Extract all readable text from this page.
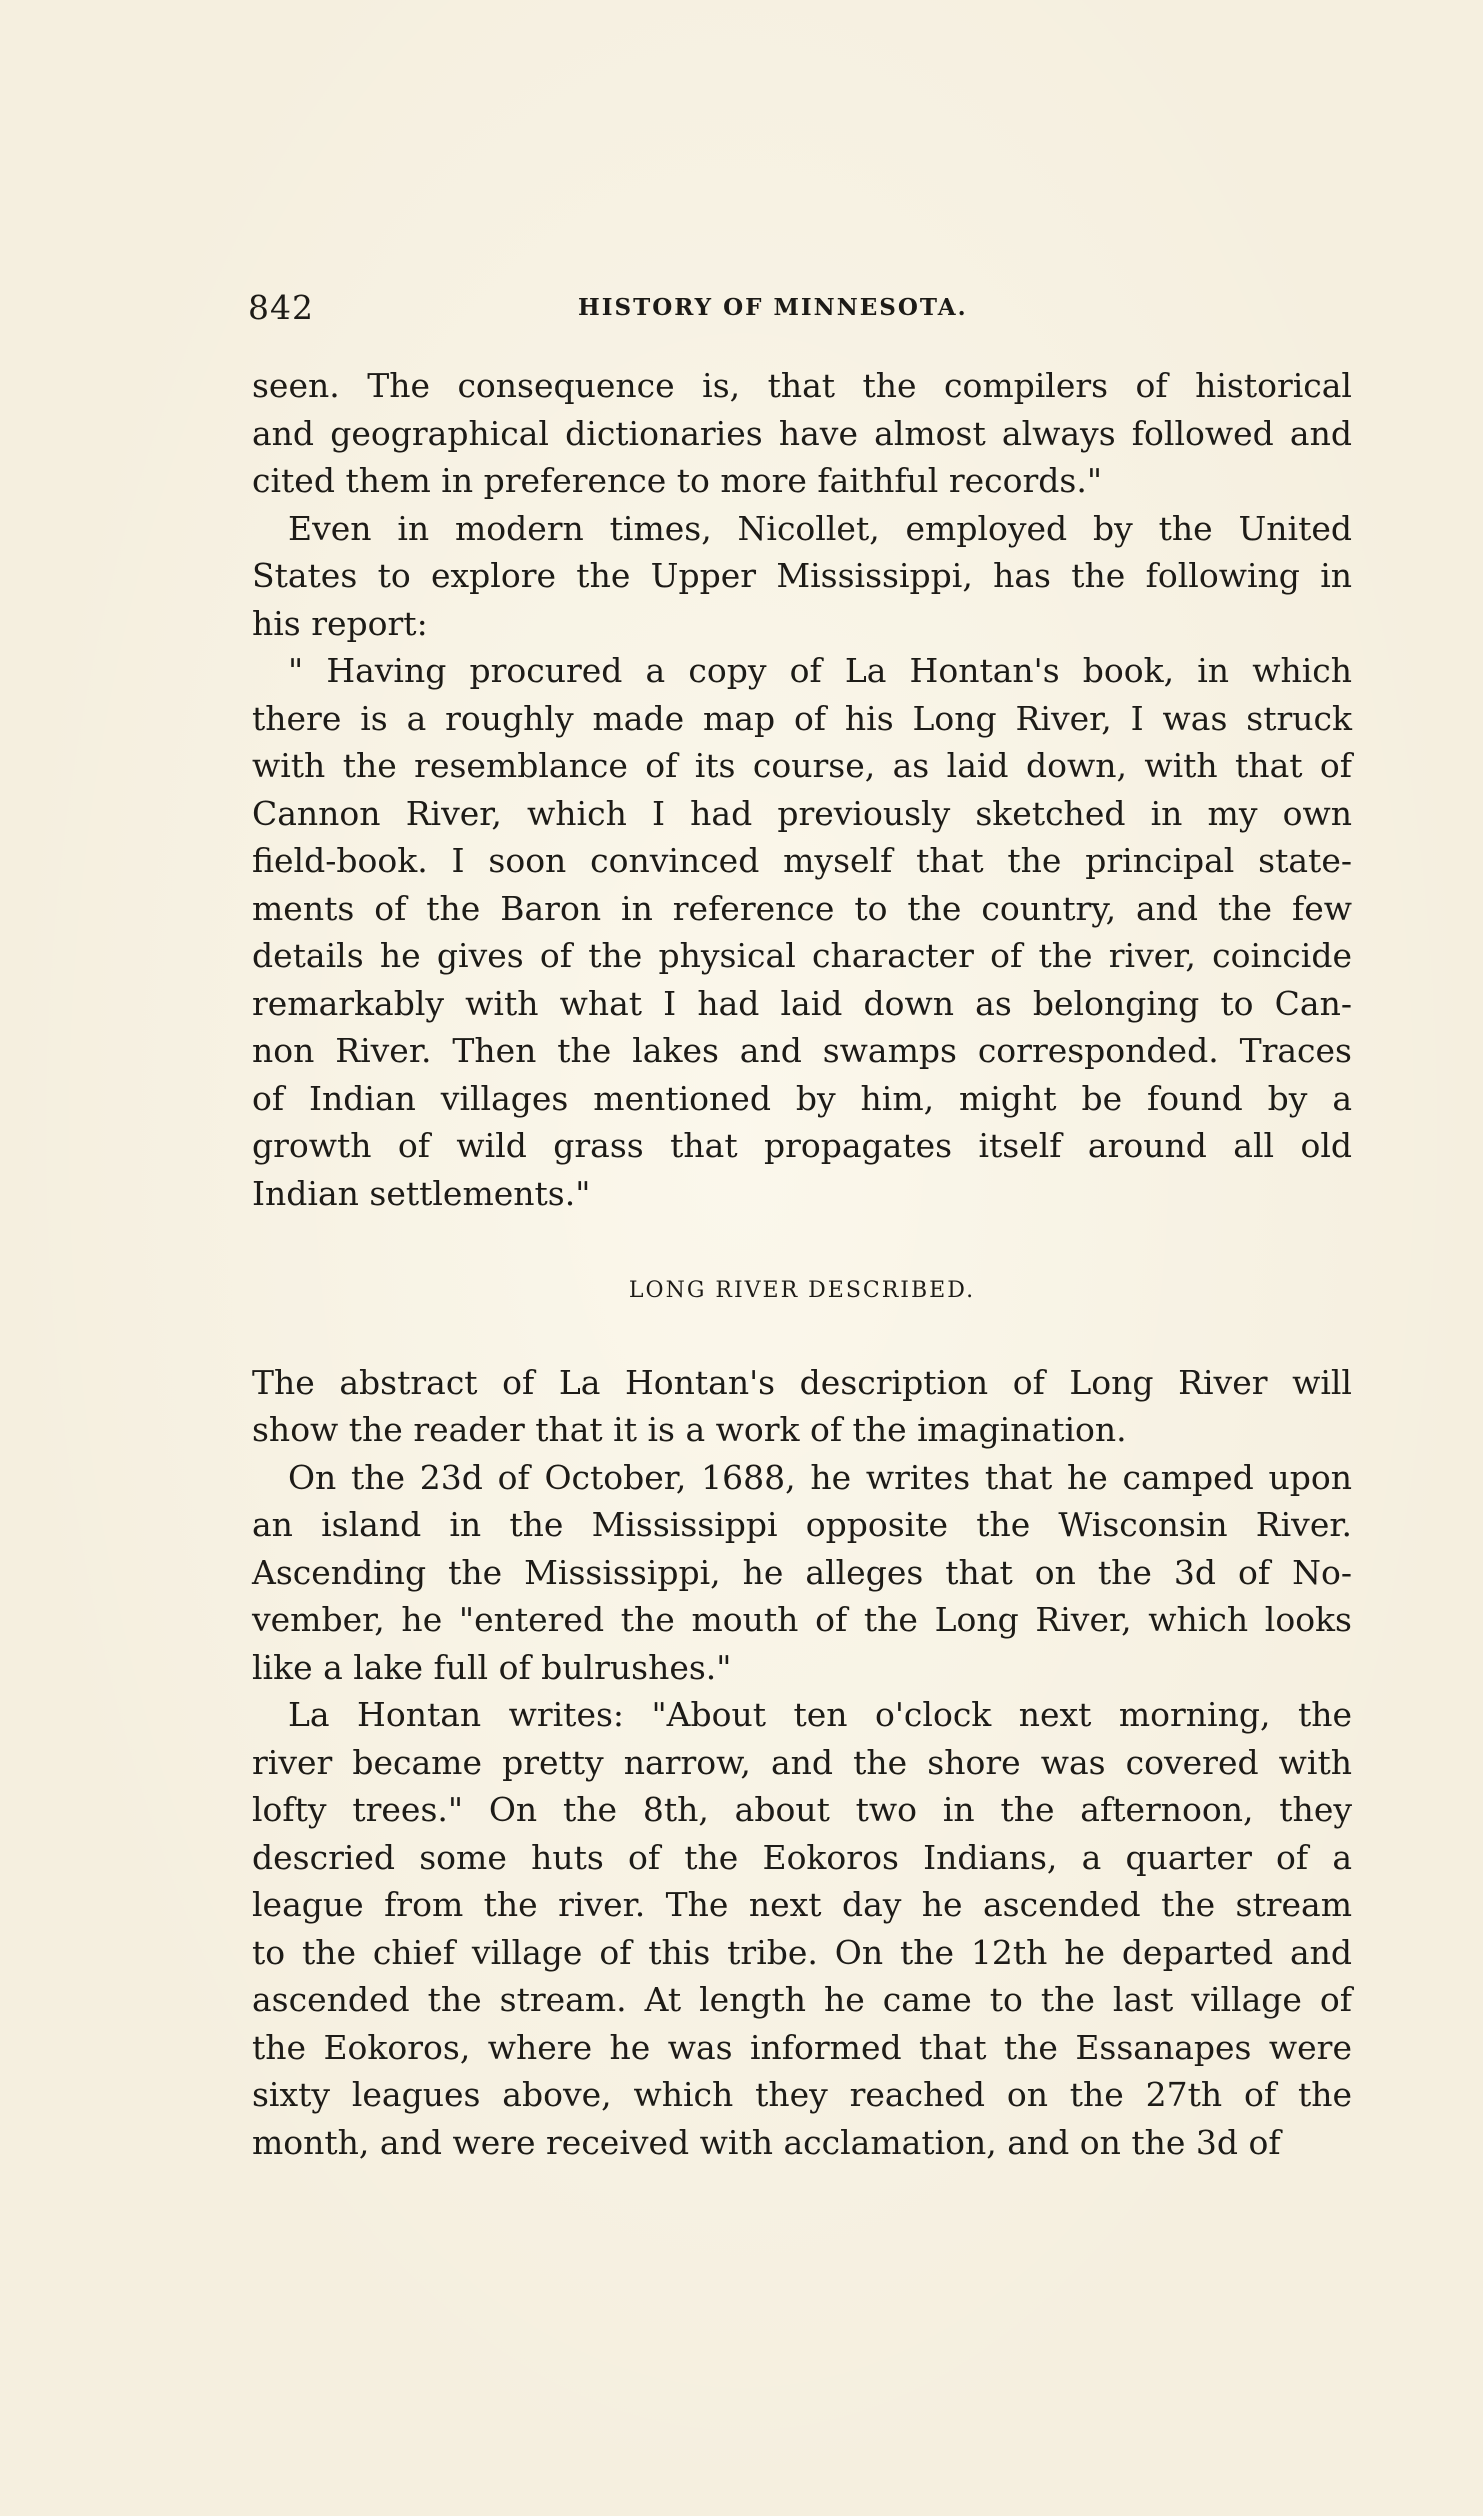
842	HISTORY OF MINNESOTA.
seen. The consequence is, that the compilers of historical
and geographical dictionaries have almost always followed and
cited them in preference to more faithful records."
Even in modern times, Nicollet, employed by the United
States to explore the Upper Mississippi, has the following in
his report:
" Having procured a copy of La Hontan's book, in which
there is a roughly made map of his Long River, I was struck
with the resemblance of its course, as laid down, with that of
Cannon River, which I had previously sketched in my own
field-book. I soon convinced myself that the principal state-
ments of the Baron in reference to the country, and the few
details he gives of the physical character of the river, coincide
remarkably with what I had laid down as belonging to Can-
non River. Then the lakes and swamps corresponded. Traces
of Indian villages mentioned by him, might be found by a
growth of wild grass that propagates itself around all old
Indian settlements."
LONG RIVER DESCRIBED.
The abstract of La Hontan's description of Long River will
show the reader that it is a work of the imagination.
On the 23d of October, 1688, he writes that he camped upon
an island in the Mississippi opposite the Wisconsin River.
Ascending the Mississippi, he alleges that on the 3d of No-
vember, he "entered the mouth of the Long River, which looks
like a lake full of bulrushes."
La Hontan writes: "About ten o'clock next morning, the
river became pretty narrow, and the shore was covered with
lofty trees." On the 8th, about two in the afternoon, they
descried some huts of the Eokoros Indians, a quarter of a
league from the river. The next day he ascended the stream
to the chief village of this tribe. On the 12th he departed and
ascended the stream. At length he came to the last village of
the Eokoros, where he was informed that the Essanapes were
sixty leagues above, which they reached on the 27th of the
month, and were received with acclamation, and on the 3d of
